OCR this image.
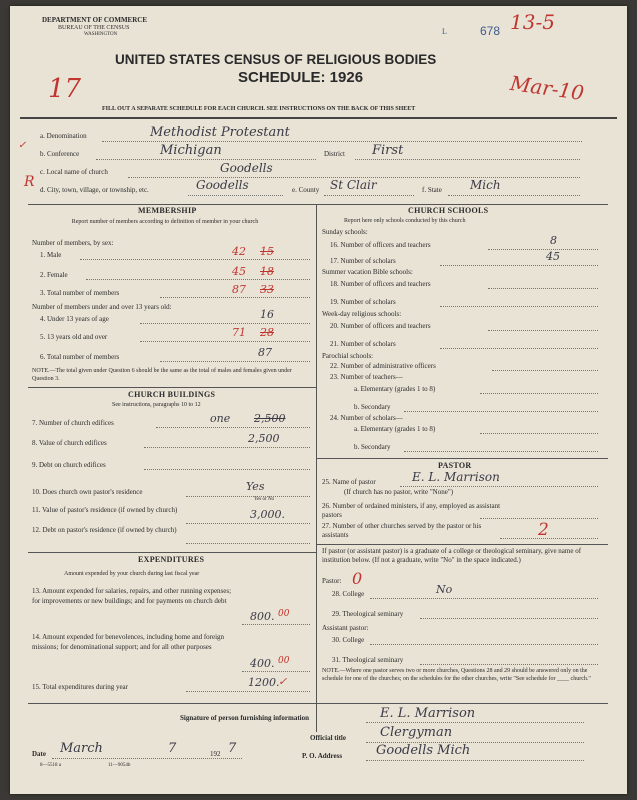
DEPARTMENT OF COMMERCE
BUREAU OF THE CENSUS
WASHINGTON	L	678 13-5
UNITED STATES CENSUS OF RELIGIOUS BODIES
SCHEDULE: 1926
17	Mar-10
FILL OUT A SEPARATE SCHEDULE FOR EACH CHURCH. SEE INSTRUCTIONS ON THE BACK OF THIS SHEET
✓
R
a. Denomination	Methodist Protestant
b. Conference	Michigan	District First
c. Local name of church	Goodells
d. City, town, village, or township, etc.	Goodells	e. County St Clair	f. State Mich
MEMBERSHIP
Report number of members according to definition of member in your church
Number of members, by sex:
1. Male	42 15
2. Female	45 18
3. Total number of members	87 33
Number of members under and over 13 years old:
4. Under 13 years of age	16
5. 13 years old and over	71 28
6. Total number of members	87
NOTE.—The total given under Question 6 should be the same as the total of males and females given under Question 3.
CHURCH BUILDINGS
See instructions, paragraphs 10 to 12
7. Number of church edifices	one 2,500
8. Value of church edifices	2,500
9. Debt on church edifices
10. Does church own pastor's residence	Yes
Yes or No
11. Value of pastor's residence (if owned by church)	3,000.
12. Debt on pastor's residence (if owned by church)
EXPENDITURES
Amount expended by your church during last fiscal year
13. Amount expended for salaries, repairs, and other running expenses; for improvements or new buildings; and for payments on church debt
800. 00
14. Amount expended for benevolences, including home and foreign missions; for denominational support; and for all other purposes
400. 00
15. Total expenditures during year	1200.
✓
CHURCH SCHOOLS
Report here only schools conducted by this church
Sunday schools:
16. Number of officers and teachers	8
17. Number of scholars	45
Summer vacation Bible schools:
18. Number of officers and teachers
19. Number of scholars
Week-day religious schools:
20. Number of officers and teachers
21. Number of scholars
Parochial schools:
22. Number of administrative officers
23. Number of teachers—
a. Elementary (grades 1 to 8)
b. Secondary
24. Number of scholars—
a. Elementary (grades 1 to 8)
b. Secondary
PASTOR
25. Name of pastor	E. L. Marrison
(If church has no pastor, write "None")
26. Number of ordained ministers, if any, employed as assistant pastors
27. Number of other churches served by the pastor or his assistants	2
If pastor (or assistant pastor) is a graduate of a college or theological seminary, give name of institution below. (If not a graduate, write "No" in the space indicated.)
Pastor: 0
28. College	No
29. Theological seminary
Assistant pastor:
30. College
31. Theological seminary
NOTE.—Where one pastor serves two or more churches, Questions 28 and 29 should be answered only on the schedule for one of the churches; on the schedules for the other churches, write "See schedule for ____ church."
Signature of person furnishing information	E. L. Marrison
Official title	Clergyman
Date March	7	192 7	P. O. Address	Goodells Mich
8—5518 a	11—9054b
